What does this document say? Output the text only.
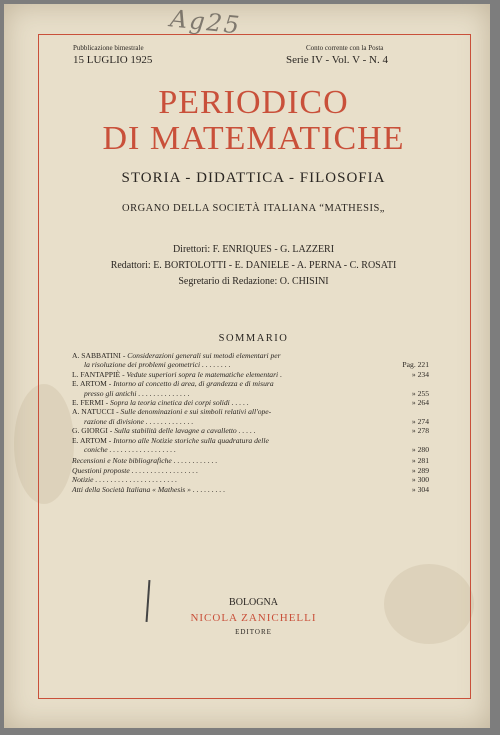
Ag25
Pubblicazione bimestrale
15 LUGLIO 1925
Conto corrente con la Posta
Serie IV - Vol. V - N. 4
PERIODICO
DI MATEMATICHE
STORIA - DIDATTICA - FILOSOFIA
ORGANO DELLA SOCIETÀ ITALIANA “MATHESIS„
Direttori: F. ENRIQUES - G. LAZZERI
Redattori: E. BORTOLOTTI - E. DANIELE - A. PERNA - C. ROSATI
Segretario di Redazione: O. CHISINI
SOMMARIO
A. SABBATINI - Considerazioni generali sui metodi elementari per
la risoluzione dei problemi geometrici . . . . . . . .	Pag. 221
L. FANTAPPIÈ - Vedute superiori sopra le matematiche elementari .	» 234
E. ARTOM - Intorno al concetto di area, di grandezza e di misura
presso gli antichi . . . . . . . . . . . . . .	» 255
E. FERMI - Sopra la teoria cinetica dei corpi solidi . . . . .	» 264
A. NATUCCI - Sulle denominazioni e sui simboli relativi all'ope-
razione di divisione . . . . . . . . . . . . .	» 274
G. GIORGI - Sulla stabilità delle lavagne a cavalletto . . . . .	» 278
E. ARTOM - Intorno alle Notizie storiche sulla quadratura delle
coniche . . . . . . . . . . . . . . . . . .	» 280
Recensioni e Note bibliografiche . . . . . . . . . . . .	» 281
Questioni proposte . . . . . . . . . . . . . . . . . .	» 289
Notizie . . . . . . . . . . . . . . . . . . . . . .	» 300
Atti della Società Italiana « Mathesis » . . . . . . . . .	» 304
BOLOGNA
NICOLA ZANICHELLI
EDITORE
